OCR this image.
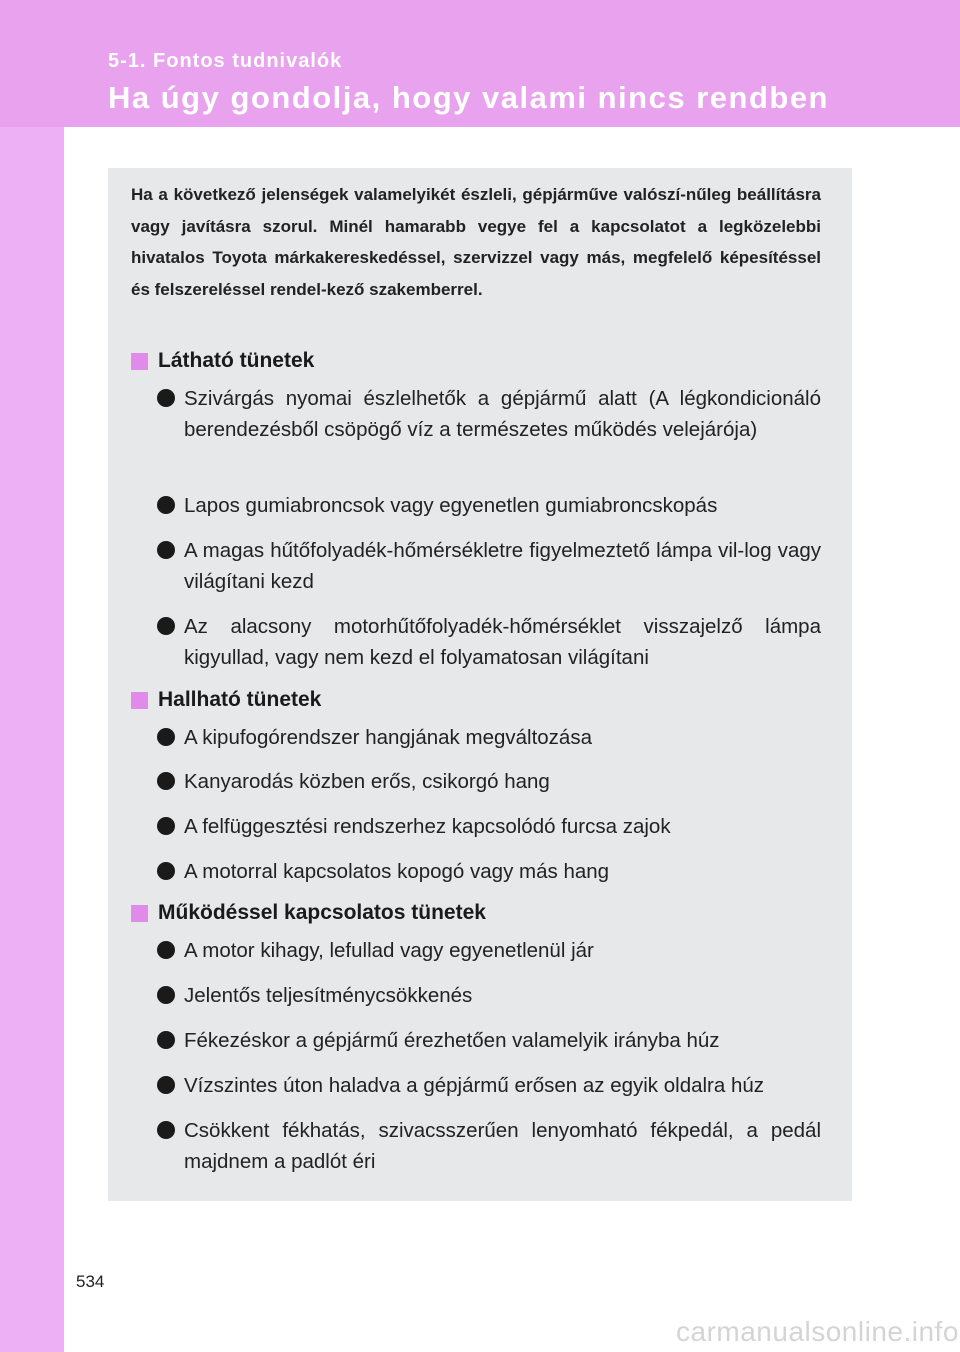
5-1. Fontos tudnivalók
Ha úgy gondolja, hogy valami nincs rendben
Ha a következő jelenségek valamelyikét észleli, gépjárműve valószí-nűleg beállításra vagy javításra szorul. Minél hamarabb vegye fel a kapcsolatot a legközelebbi hivatalos Toyota márkakereskedéssel, szervizzel vagy más, megfelelő képesítéssel és felszereléssel rendel-kező szakemberrel.
Látható tünetek
Szivárgás nyomai észlelhetők a gépjármű alatt (A légkondicionáló berendezésből csöpögő víz a természetes működés velejárója)
Lapos gumiabroncsok vagy egyenetlen gumiabroncskopás
A magas hűtőfolyadék-hőmérsékletre figyelmeztető lámpa vil-log vagy világítani kezd
Az alacsony motorhűtőfolyadék-hőmérséklet visszajelző lámpa kigyullad, vagy nem kezd el folyamatosan világítani
Hallható tünetek
A kipufogórendszer hangjának megváltozása
Kanyarodás közben erős, csikorgó hang
A felfüggesztési rendszerhez kapcsolódó furcsa zajok
A motorral kapcsolatos kopogó vagy más hang
Működéssel kapcsolatos tünetek
A motor kihagy, lefullad vagy egyenetlenül jár
Jelentős teljesítménycsökkenés
Fékezéskor a gépjármű érezhetően valamelyik irányba húz
Vízszintes úton haladva a gépjármű erősen az egyik oldalra húz
Csökkent fékhatás, szivacsszerűen lenyomható fékpedál, a pedál majdnem a padlót éri
534
carmanualsonline.info
